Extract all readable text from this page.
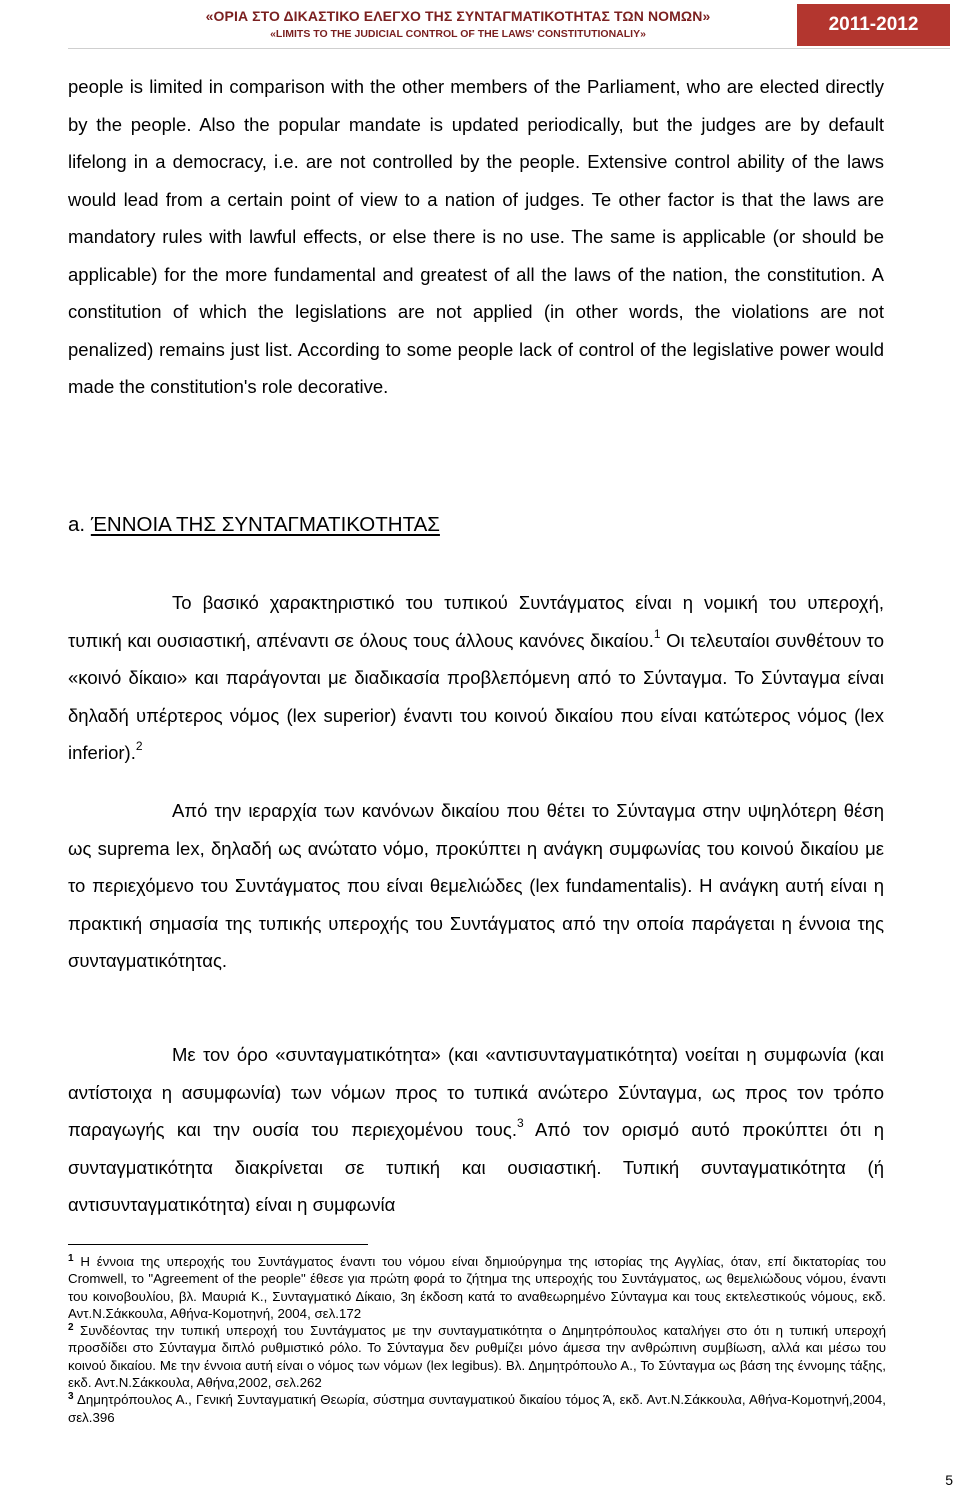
«ΟΡΙΑ ΣΤΟ ΔΙΚΑΣΤΙΚΟ ΕΛΕΓΧΟ ΤΗΣ ΣΥΝΤΑΓΜΑΤΙΚΟΤΗΤΑΣ ΤΩΝ ΝΟΜΩΝ»
«LIMITS TO THE JUDICIAL CONTROL OF THE LAWS' CONSTITUTIONALIY»	2011-2012
people is limited in comparison with the other members of the Parliament, who are elected directly by the people. Also the popular mandate is updated periodically, but the judges are by default lifelong in a democracy, i.e. are not controlled by the people. Extensive control ability of the laws would lead from a certain point of view to a nation of judges. Te other factor is that the laws are mandatory rules with lawful effects, or else there is no use. The same is applicable (or should be applicable) for the more fundamental and greatest of all the laws of the nation, the constitution. A constitution of which the legislations are not applied (in other words, the violations are not penalized) remains just list. According to some people lack of control of the legislative power would made the constitution's role decorative.
a. ΈΝΝΟΙΑ ΤΗΣ ΣΥΝΤΑΓΜΑΤΙΚΟΤΗΤΑΣ
Το βασικό χαρακτηριστικό του τυπικού Συντάγματος είναι η νομική του υπεροχή, τυπική και ουσιαστική, απέναντι σε όλους τους άλλους κανόνες δικαίου.$^1$ Οι τελευταίοι συνθέτουν το «κοινό δίκαιο» και παράγονται με διαδικασία προβλεπόμενη από το Σύνταγμα. Το Σύνταγμα είναι δηλαδή υπέρτερος νόμος (lex superior) έναντι του κοινού δικαίου που είναι κατώτερος νόμος (lex inferior).$^2$
Από την ιεραρχία των κανόνων δικαίου που θέτει το Σύνταγμα στην υψηλότερη θέση ως suprema lex, δηλαδή ως ανώτατο νόμο, προκύπτει η ανάγκη συμφωνίας του κοινού δικαίου με το περιεχόμενο του Συντάγματος που είναι θεμελιώδες (lex fundamentalis). Η ανάγκη αυτή είναι η πρακτική σημασία της τυπικής υπεροχής του Συντάγματος από την οποία παράγεται η έννοια της συνταγματικότητας.
Με τον όρο «συνταγματικότητα» (και «αντισυνταγματικότητα) νοείται η συμφωνία (και αντίστοιχα η ασυμφωνία) των νόμων προς το τυπικά ανώτερο Σύνταγμα, ως προς τον τρόπο παραγωγής και την ουσία του περιεχομένου τους.$^3$ Από τον ορισμό αυτό προκύπτει ότι η συνταγματικότητα διακρίνεται σε τυπική και ουσιαστική. Τυπική συνταγματικότητα (ή αντισυνταγματικότητα) είναι η συμφωνία

$^1$ Η έννοια της υπεροχής του Συντάγματος έναντι του νόμου είναι δημιούργημα της ιστορίας της Αγγλίας, όταν, επί δικτατορίας του Cromwell, το "Agreement of the people" έθεσε για πρώτη φορά το ζήτημα της υπεροχής του Συντάγματος, ως θεμελιώδους νόμου, έναντι του κοινοβουλίου, βλ. Μαυριά Κ., Συνταγματικό Δίκαιο, 3η έκδοση κατά το αναθεωρημένο Σύνταγμα και τους εκτελεστικούς νόμους, εκδ. Αντ.Ν.Σάκκουλα, Αθήνα-Κομοτηνή, 2004, σελ.172

$^2$ Συνδέοντας την τυπική υπεροχή του Συντάγματος με την συνταγματικότητα ο Δημητρόπουλος καταλήγει στο ότι η τυπική υπεροχή προσδίδει στο Σύνταγμα διπλό ρυθμιστικό ρόλο. Το Σύνταγμα δεν ρυθμίζει μόνο άμεσα την ανθρώπινη συμβίωση, αλλά και μέσω του κοινού δικαίου. Με την έννοια αυτή είναι ο νόμος των νόμων (lex legibus). Βλ. Δημητρόπουλο Α., Το Σύνταγμα ως βάση της έννομης τάξης, εκδ. Αντ.Ν.Σάκκουλα, Αθήνα,2002, σελ.262

$^3$ Δημητρόπουλος Α., Γενική Συνταγματική Θεωρία, σύστημα συνταγματικού δικαίου τόμος Ά, εκδ. Αντ.Ν.Σάκκουλα, Αθήνα-Κομοτηνή,2004, σελ.396

5
